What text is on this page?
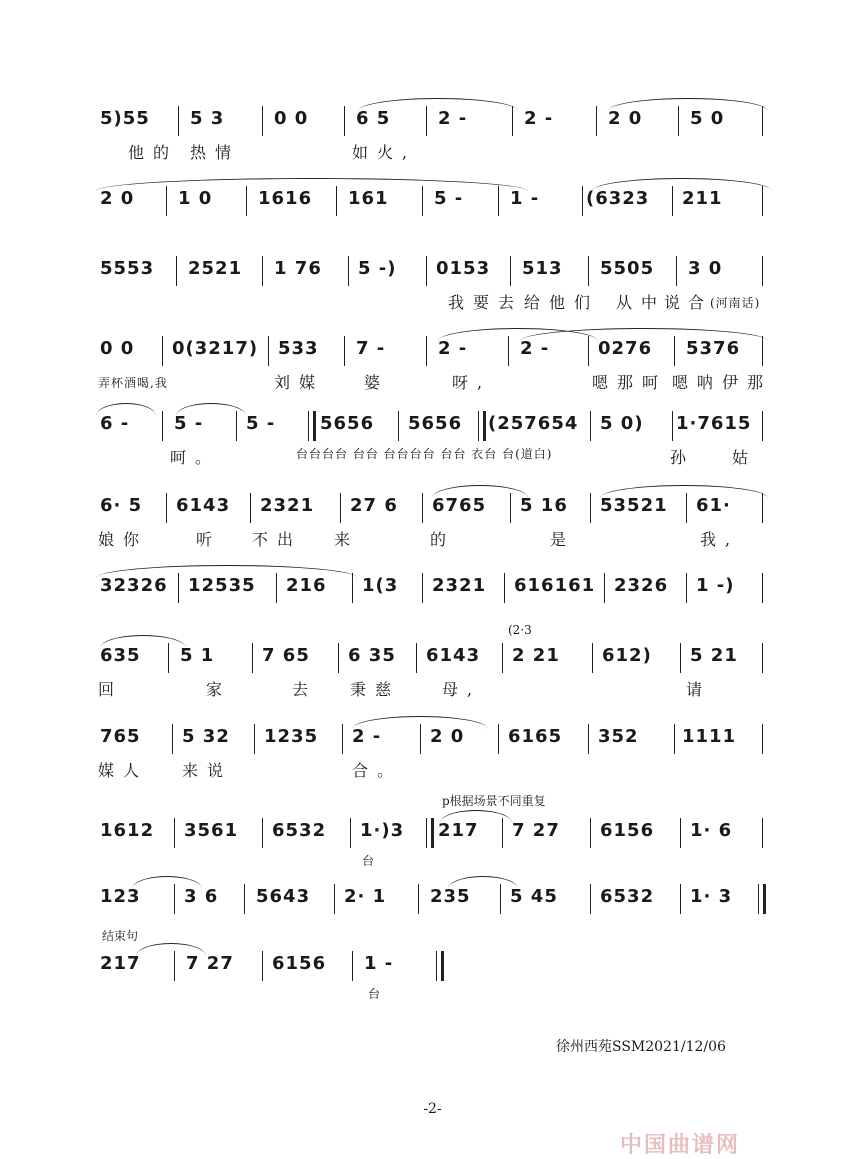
5)55 5 3	0 0	6 5	2 -	2 -	2 0	5 0
他的 热情	如火,
2 0 1 0	1616 161	5 -	1 -	(6323 211
5553 2521 1 76 5 -) 0153 513 5505 3 0
我要去 给他们 从中
说
合
(河南话)
0 0 0(3217) 533 7 -	2 -	2 -	0276 5376
弄杯酒喝,我	刘媒 婆	呀,	嗯那呵 嗯呐伊那
6 - 5 - 5 - 5656 5656 (257654 5 0) 1·7615
呵。	台台台台 台台 台台台台 台台 衣台 台(道白)	孙 姑
6· 5 6143 2321 27 6 6765 5 16 53521 61·
娘你	听 不出 来	的	是	我,
32326 12535 216 1(3 2321 616161 2326 1 -)
635 5 1	7 65 6 35 6143 2 21 612) 5 21
(2·3
回	家	去 秉慈	母,	请
765 5 32 1235 2 -	2 0 6165 352 1111
媒人 来说	合。
p根据场景不同重复
1612 3561 6532 1·)3 217 7 27 6156 1· 6
台
123 3 6 5643 2· 1 235 5 45 6532 1· 3
结束句
217	7 27 6156 1 -
台
徐州西苑SSM2021/12/06
-2-
中国曲谱网
